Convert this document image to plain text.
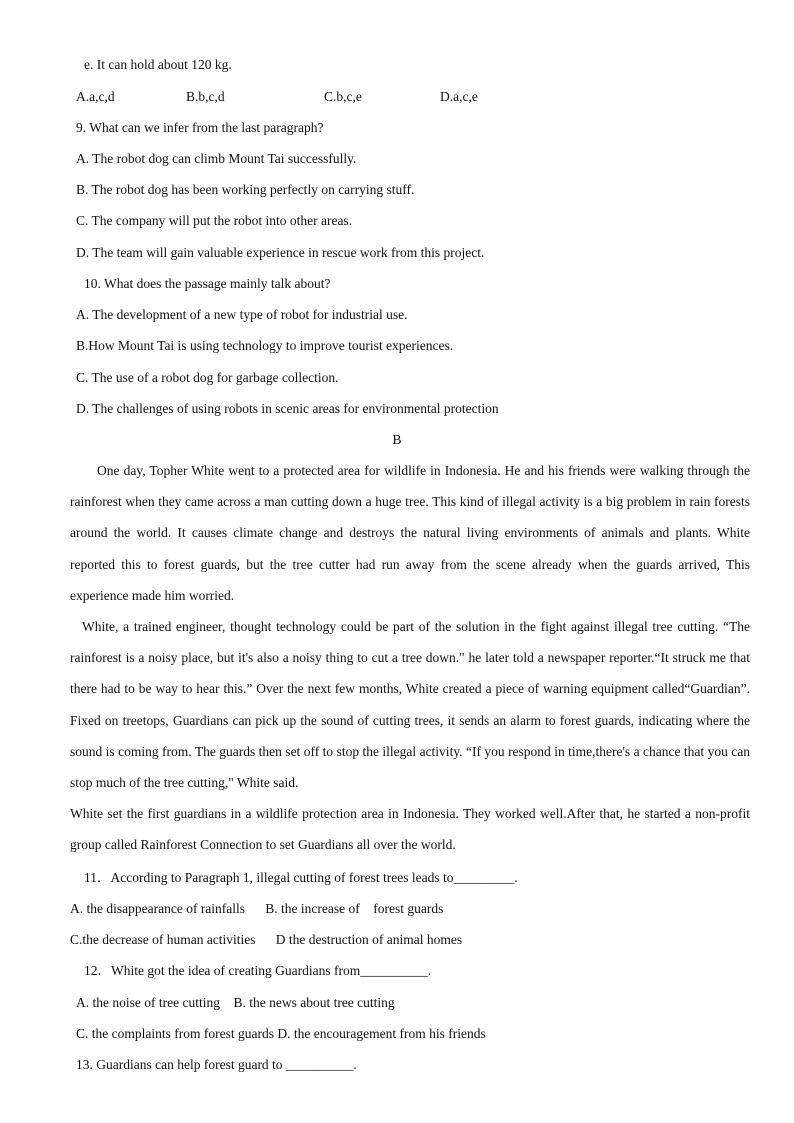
e. It can hold about 120 kg.

A.a,c,d

	B.b,c,d

	C.b,c,e

	D.a,c,e

9. What can we infer from the last paragraph?
A. The robot dog can climb Mount Tai successfully.
B. The robot dog has been working perfectly on carrying stuff.
C. The company will put the robot into other areas.
D. The team will gain valuable experience in rescue work from this project.
10. What does the passage mainly talk about?
A. The development of a new type of robot for industrial use.
B.How Mount Tai is using technology to improve tourist experiences.
C. The use of a robot dog for garbage collection.
D. The challenges of using robots in scenic areas for environmental protection
B

One day, Topher White went to a protected area for wildlife in Indonesia. He and his friends were walking through the rainforest when they came across a man cutting down a huge tree. This kind of illegal activity is a big problem in rain forests around the world. It causes climate change and destroys the natural living environments of animals and plants. White reported this to forest guards, but the tree cutter had run away from the scene already when the guards arrived, This experience made him worried.

White, a trained engineer, thought technology could be part of the solution in the fight against illegal tree cutting. “The rainforest is a noisy place, but it's also a noisy thing to cut a tree down." he later told a newspaper reporter.“It struck me that there had to be way to hear this.” Over the next few months, White created a piece of warning equipment called“Guardian”. Fixed on treetops, Guardians can pick up the sound of cutting trees, it sends an alarm to forest guards, indicating where the sound is coming from. The guards then set off to stop the illegal activity. “If you respond in time,there's a chance that you can stop much of the tree cutting," White said.

White set the first guardians in a wildlife protection area in Indonesia. They worked well.After that, he started a non-profit group called Rainforest Connection to set Guardians all over the world.

11．According to Paragraph 1, illegal cutting of forest trees leads to_________.
A. the disappearance of rainfalls      B. the increase of    forest guards
C.the decrease of human activities      D the destruction of animal homes
12．White got the idea of creating Guardians from__________.
A. the noise of tree cutting    B. the news about tree cutting
C. the complaints from forest guards D. the encouragement from his friends
13. Guardians can help forest guard to __________.
